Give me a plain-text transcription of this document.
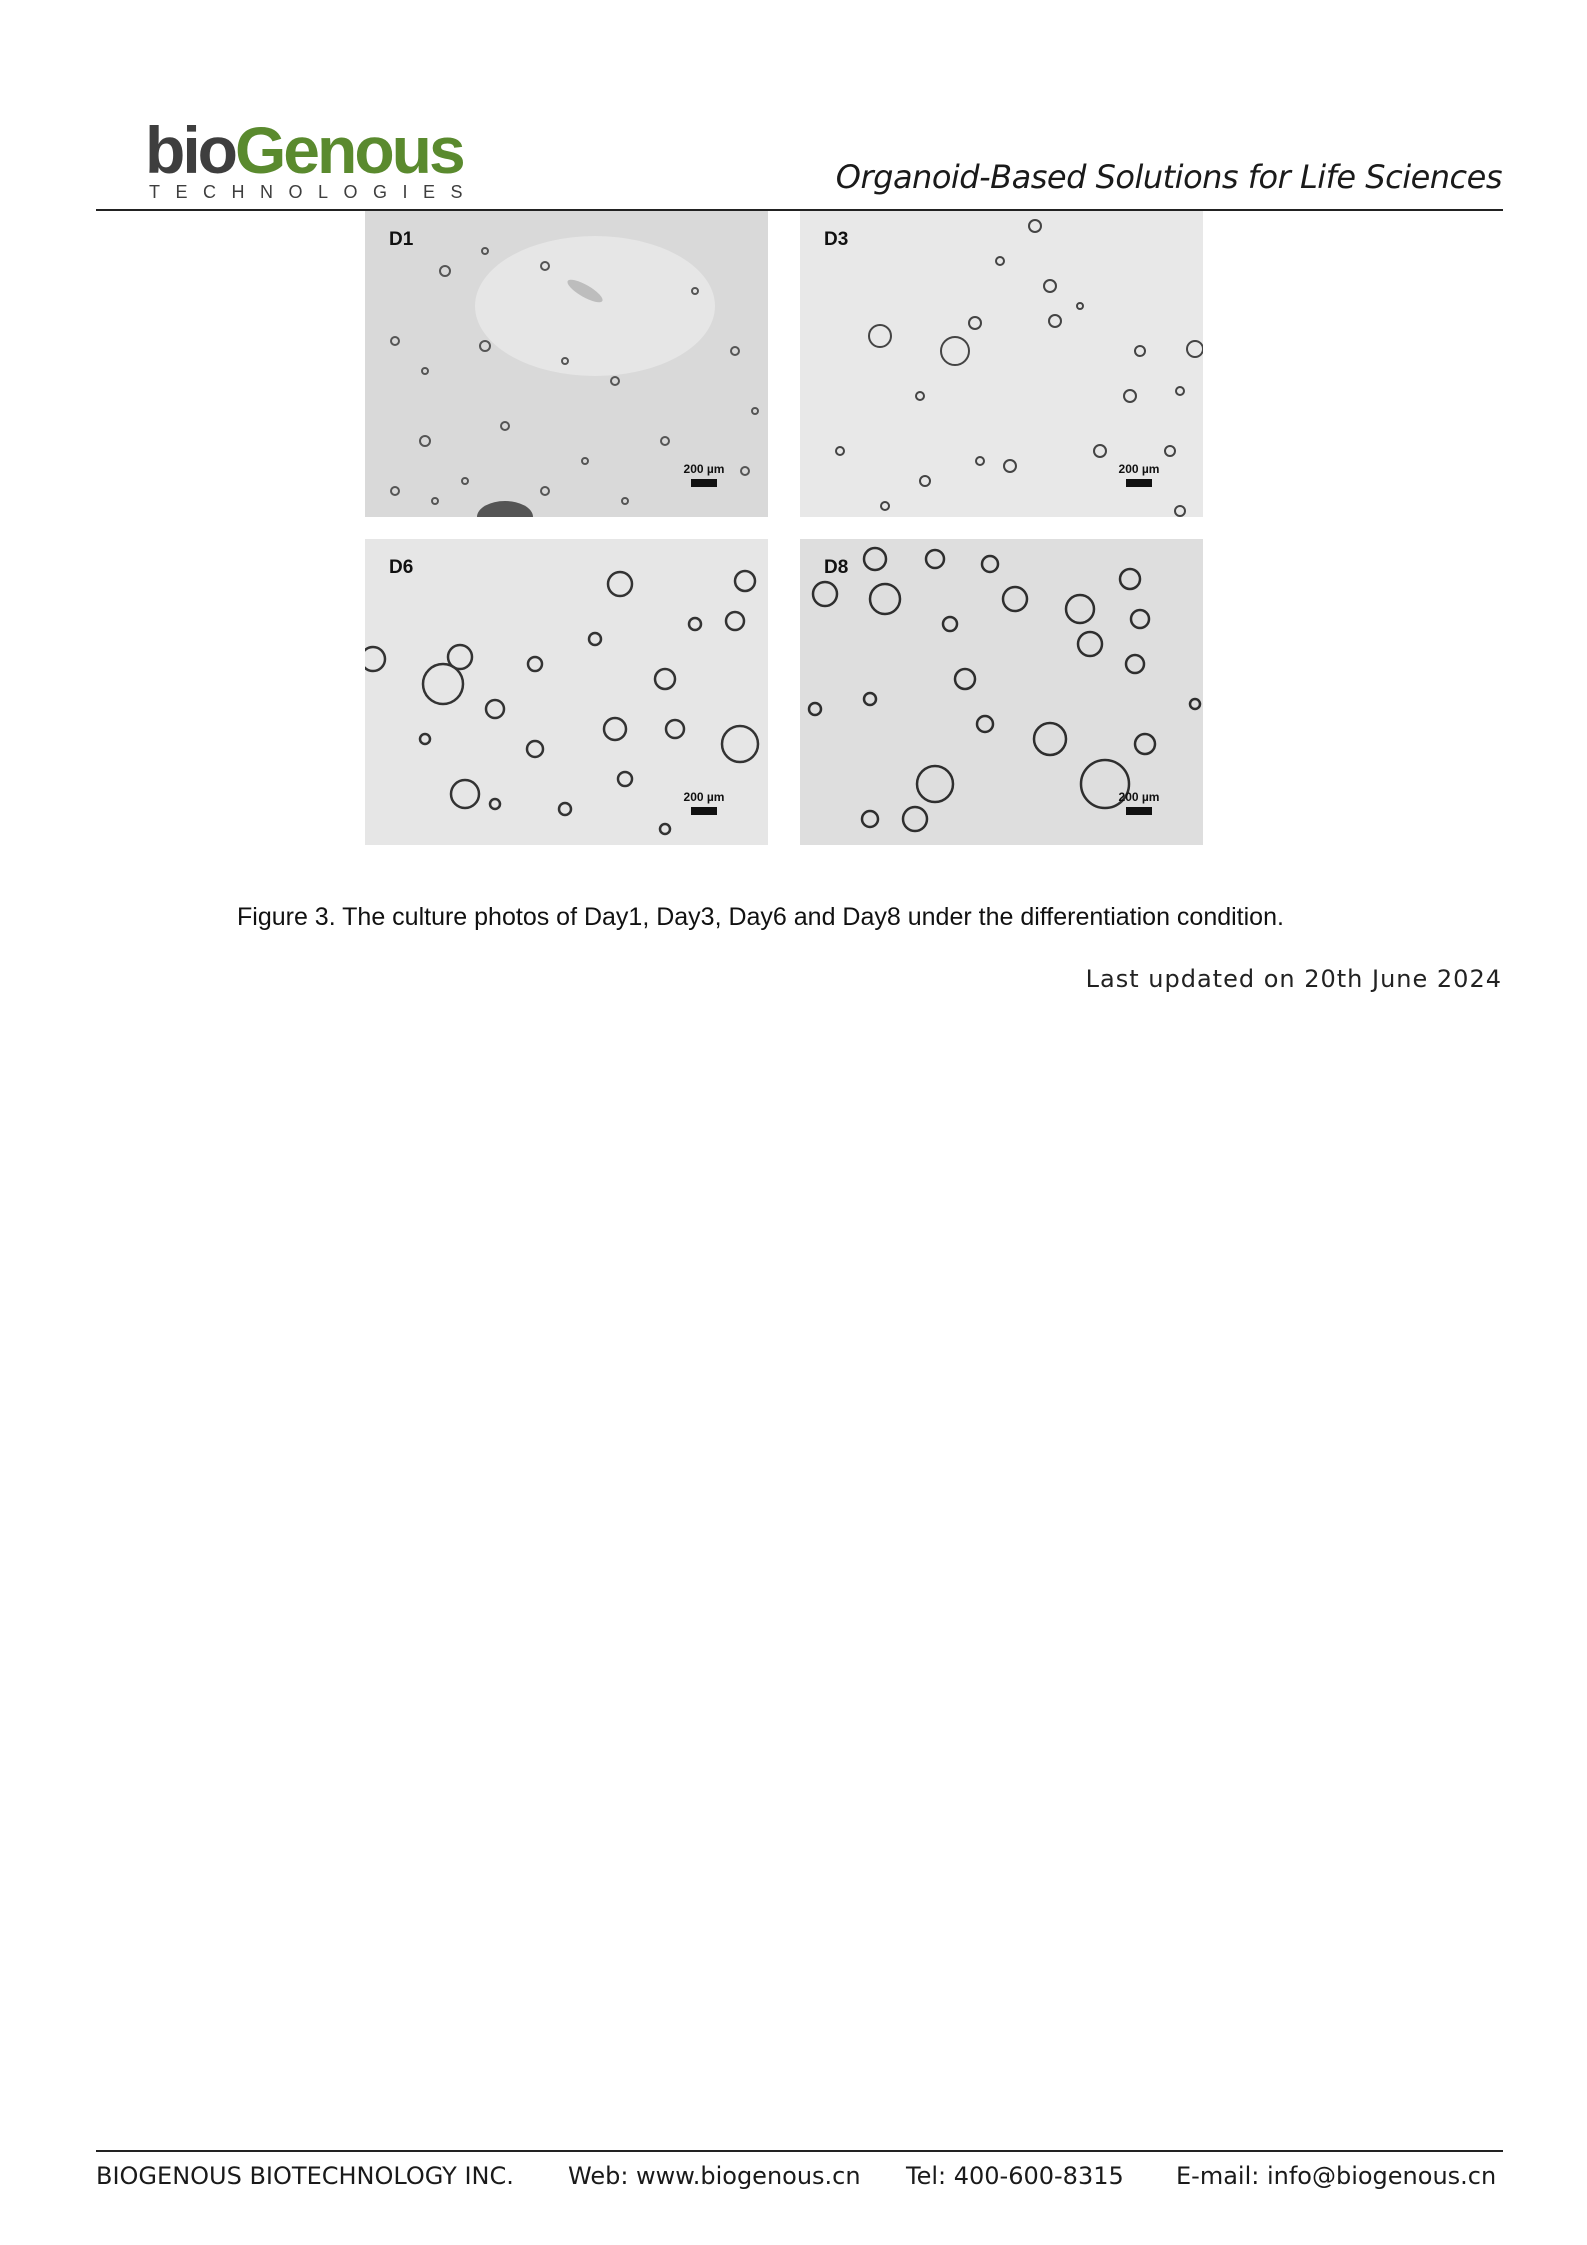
bioGenous
TECHNOLOGIES	Organoid-Based Solutions for Life Sciences
D1
200 µm
D3
200 µm
D6
200 µm
D8
200 µm
Figure 3. The culture photos of Day1, Day3, Day6 and Day8 under the differentiation condition.
Last updated on 20th June 2024
BIOGENOUS BIOTECHNOLOGY INC.	Web: www.biogenous.cn	Tel: 400-600-8315	E-mail: info@biogenous.cn
